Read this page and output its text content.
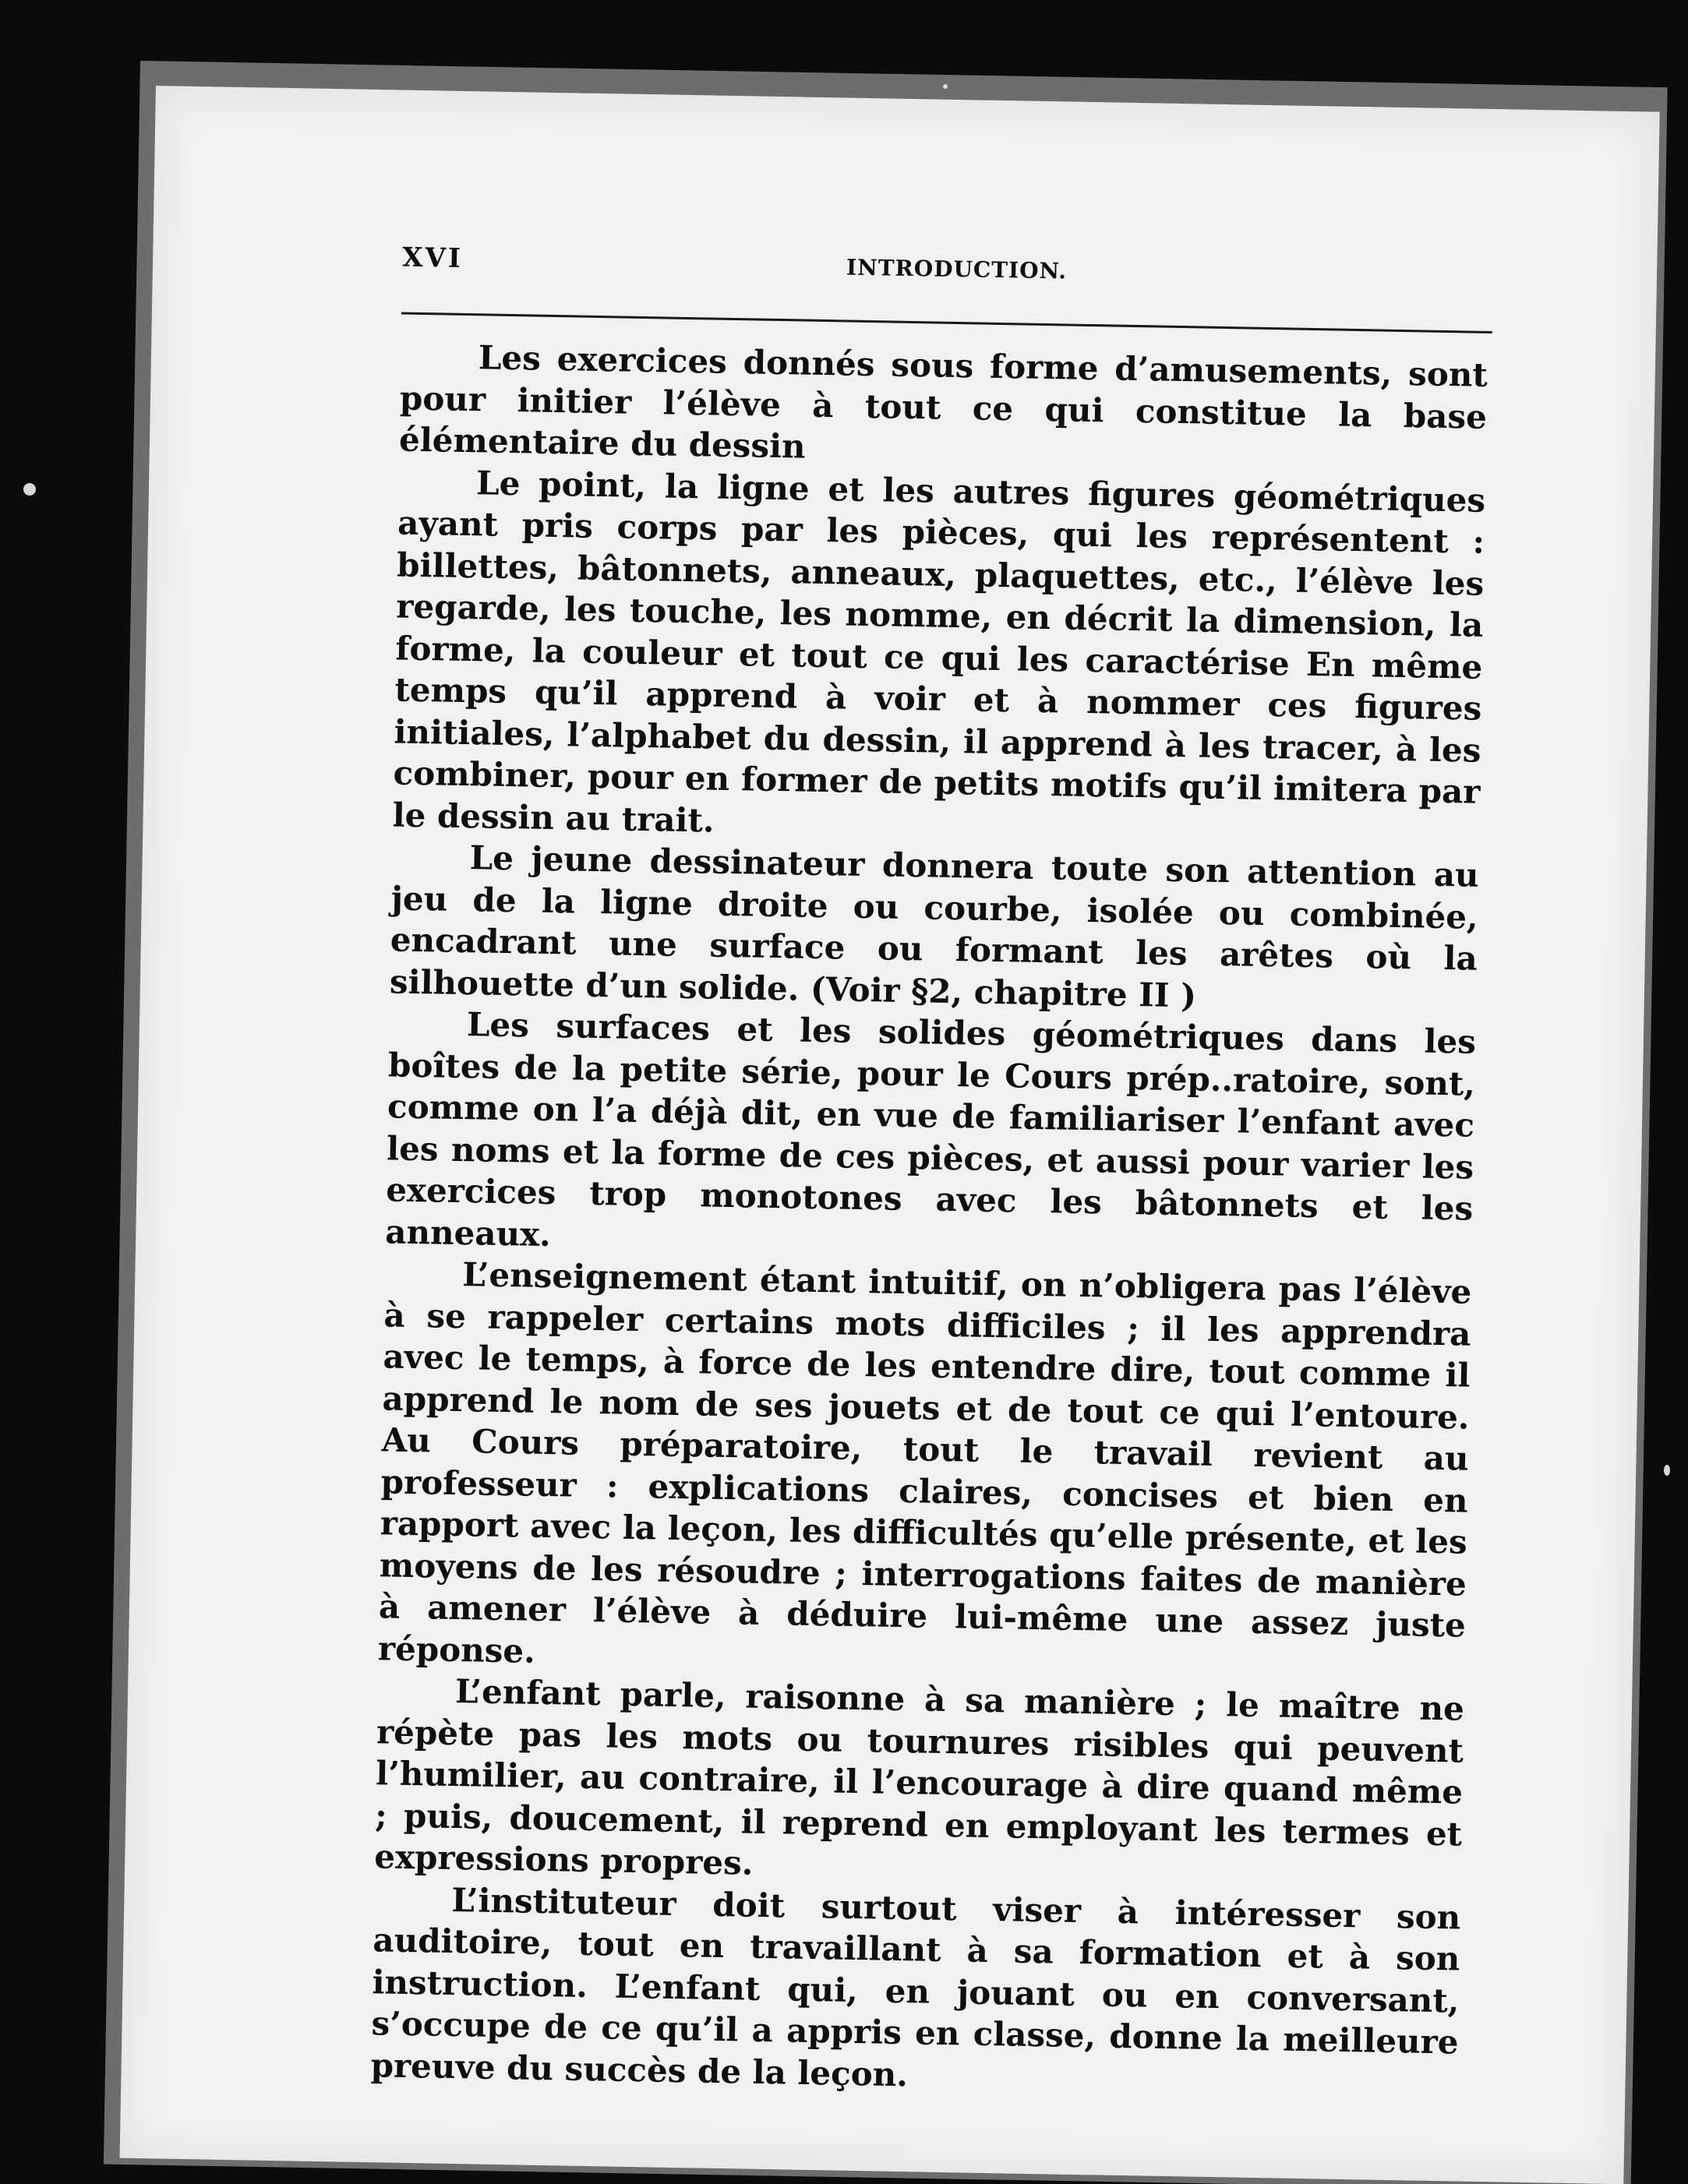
XVI	INTRODUCTION.

Les exercices donnés sous forme d’amusements, sont pour initier l’élève à tout ce qui constitue la base élémentaire du dessin

Le point, la ligne et les autres figures géométriques ayant pris corps par les pièces, qui les représentent : billettes, bâtonnets, anneaux, plaquettes, etc., l’élève les regarde, les touche, les nomme, en décrit la dimension, la forme, la couleur et tout ce qui les caractérise En même temps qu’il apprend à voir et à nommer ces figures initiales, l’alphabet du dessin, il apprend à les tracer, à les combiner, pour en former de petits motifs qu’il imitera par le dessin au trait.

Le jeune dessinateur donnera toute son attention au jeu de la ligne droite ou courbe, isolée ou combinée, encadrant une surface ou formant les arêtes où la silhouette d’un solide. (Voir §2, chapitre II )

Les surfaces et les solides géométriques dans les boîtes de la petite série, pour le Cours prép..ratoire, sont, comme on l’a déjà dit, en vue de familiariser l’enfant avec les noms et la forme de ces pièces, et aussi pour varier les exercices trop monotones avec les bâtonnets et les anneaux.

L’enseignement étant intuitif, on n’obligera pas l’élève à se rappeler certains mots difficiles ; il les apprendra avec le temps, à force de les entendre dire, tout comme il apprend le nom de ses jouets et de tout ce qui l’entoure. Au Cours préparatoire, tout le travail revient au professeur : explications claires, concises et bien en rapport avec la leçon, les difficultés qu’elle présente, et les moyens de les résoudre ; interrogations faites de manière à amener l’élève à déduire lui-même une assez juste réponse.

L’enfant parle, raisonne à sa manière ; le maître ne répète pas les mots ou tournures risibles qui peuvent l’humilier, au contraire, il l’encourage à dire quand même ; puis, doucement, il reprend en employant les termes et expressions propres.

L’instituteur doit surtout viser à intéresser son auditoire, tout en travaillant à sa formation et à son instruction. L’enfant qui, en jouant ou en conversant, s’occupe de ce qu’il a appris en classe, donne la meilleure preuve du succès de la leçon.
